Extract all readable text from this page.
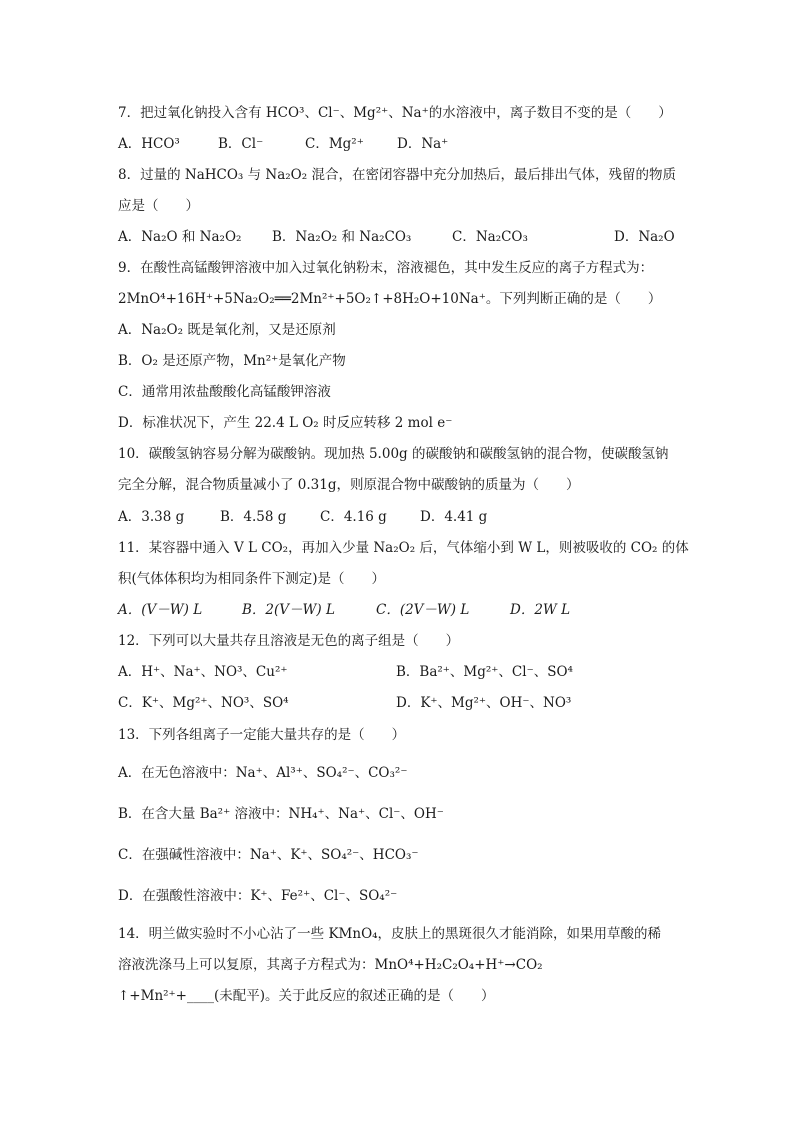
7．把过氧化钠投入含有 HCO³、Cl⁻、Mg²⁺、Na⁺的水溶液中，离子数目不变的是（　　）
A．HCO³	B．Cl⁻	C．Mg²⁺ D．Na⁺
8．过量的 NaHCO₃ 与 Na₂O₂ 混合，在密闭容器中充分加热后，最后排出气体，残留的物质
应是（　　）
A．Na₂O 和 Na₂O₂ B．Na₂O₂ 和 Na₂CO₃	C．Na₂CO₃	D．Na₂O
9．在酸性高锰酸钾溶液中加入过氧化钠粉末，溶液褪色，其中发生反应的离子方程式为：
2MnO⁴+16H⁺+5Na₂O₂══2Mn²⁺+5O₂↑+8H₂O+10Na⁺。下列判断正确的是（　　）
A．Na₂O₂ 既是氧化剂，又是还原剂
B．O₂ 是还原产物，Mn²⁺是氧化产物
C．通常用浓盐酸酸化高锰酸钾溶液
D．标准状况下，产生 22.4 L O₂ 时反应转移 2 mol e⁻
10．碳酸氢钠容易分解为碳酸钠。现加热 5.00g 的碳酸钠和碳酸氢钠的混合物，使碳酸氢钠
完全分解，混合物质量减小了 0.31g，则原混合物中碳酸钠的质量为（　　）
A．3.38 g	B．4.58 g C．4.16 g D．4.41 g
11．某容器中通入 V L CO₂，再加入少量 Na₂O₂ 后，气体缩小到 W L，则被吸收的 CO₂ 的体
积(气体体积均为相同条件下测定)是（　　）
A．(V－W) L	B．2(V－W) L	C．(2V－W) L	D．2W L
12．下列可以大量共存且溶液是无色的离子组是（　　）
A．H⁺、Na⁺、NO³、Cu²⁺	B．Ba²⁺、Mg²⁺、Cl⁻、SO⁴
C．K⁺、Mg²⁺、NO³、SO⁴	D．K⁺、Mg²⁺、OH⁻、NO³
13．下列各组离子一定能大量共存的是（　　）
A．在无色溶液中：Na⁺、Al³⁺、SO₄²⁻、CO₃²⁻
B．在含大量 Ba²⁺ 溶液中：NH₄⁺、Na⁺、Cl⁻、OH⁻
C．在强碱性溶液中：Na⁺、K⁺、SO₄²⁻、HCO₃⁻
D．在强酸性溶液中：K⁺、Fe²⁺、Cl⁻、SO₄²⁻
14．明兰做实验时不小心沾了一些 KMnO₄，皮肤上的黑斑很久才能消除，如果用草酸的稀
溶液洗涤马上可以复原，其离子方程式为：MnO⁴+H₂C₂O₄+H⁺→CO₂
↑+Mn²⁺+____(未配平)。关于此反应的叙述正确的是（　　）
